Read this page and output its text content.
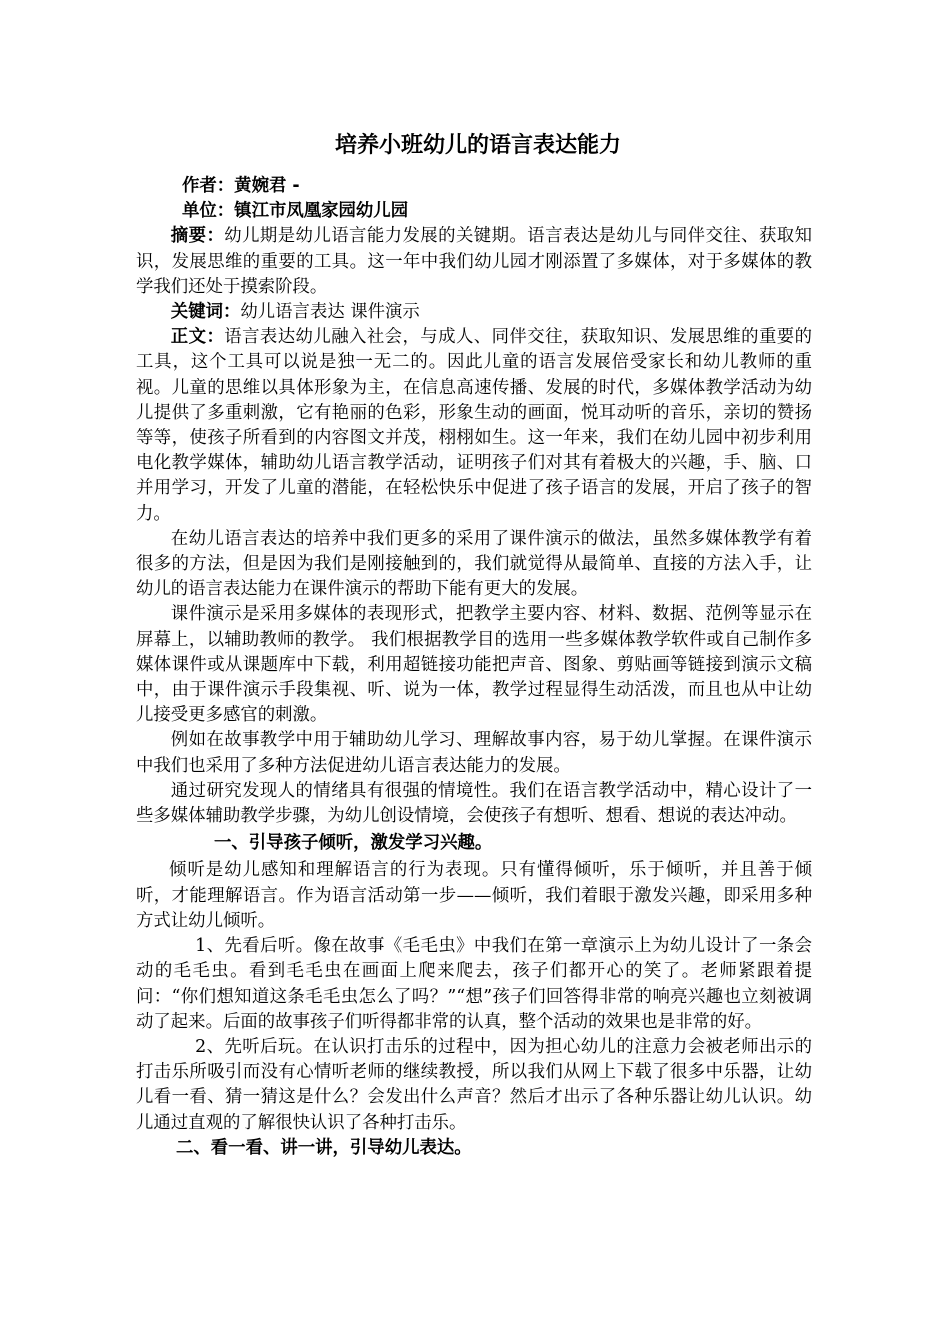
培养小班幼儿的语言表达能力
作者：黄婉君 -
单位：镇江市凤凰家园幼儿园

摘要：幼儿期是幼儿语言能力发展的关键期。语言表达是幼儿与同伴交往、获取知识，发展思维的重要的工具。这一年中我们幼儿园才刚添置了多媒体，对于多媒体的教学我们还处于摸索阶段。

关键词：幼儿语言表达 课件演示

正文：语言表达幼儿融入社会，与成人、同伴交往，获取知识、发展思维的重要的工具，这个工具可以说是独一无二的。因此儿童的语言发展倍受家长和幼儿教师的重视。儿童的思维以具体形象为主，在信息高速传播、发展的时代，多媒体教学活动为幼儿提供了多重刺激，它有艳丽的色彩，形象生动的画面，悦耳动听的音乐，亲切的赞扬等等，使孩子所看到的内容图文并茂，栩栩如生。这一年来，我们在幼儿园中初步利用电化教学媒体，辅助幼儿语言教学活动，证明孩子们对其有着极大的兴趣，手、脑、口并用学习，开发了儿童的潜能，在轻松快乐中促进了孩子语言的发展，开启了孩子的智力。

在幼儿语言表达的培养中我们更多的采用了课件演示的做法，虽然多媒体教学有着很多的方法，但是因为我们是刚接触到的，我们就觉得从最简单、直接的方法入手，让幼儿的语言表达能力在课件演示的帮助下能有更大的发展。

课件演示是采用多媒体的表现形式，把教学主要内容、材料、数据、范例等显示在屏幕上，以辅助教师的教学。 我们根据教学目的选用一些多媒体教学软件或自己制作多媒体课件或从课题库中下载，利用超链接功能把声音、图象、剪贴画等链接到演示文稿中，由于课件演示手段集视、听、说为一体，教学过程显得生动活泼，而且也从中让幼儿接受更多感官的刺激。

例如在故事教学中用于辅助幼儿学习、理解故事内容，易于幼儿掌握。在课件演示中我们也采用了多种方法促进幼儿语言表达能力的发展。

通过研究发现人的情绪具有很强的情境性。我们在语言教学活动中，精心设计了一些多媒体辅助教学步骤，为幼儿创设情境，会使孩子有想听、想看、想说的表达冲动。

一、引导孩子倾听，激发学习兴趣。

倾听是幼儿感知和理解语言的行为表现。只有懂得倾听，乐于倾听，并且善于倾听，才能理解语言。作为语言活动第一步——倾听，我们着眼于激发兴趣，即采用多种方式让幼儿倾听。

1、先看后听。像在故事《毛毛虫》中我们在第一章演示上为幼儿设计了一条会动的毛毛虫。看到毛毛虫在画面上爬来爬去，孩子们都开心的笑了。老师紧跟着提问：“你们想知道这条毛毛虫怎么了吗？”“想”孩子们回答得非常的响亮兴趣也立刻被调动了起来。后面的故事孩子们听得都非常的认真，整个活动的效果也是非常的好。

2、先听后玩。在认识打击乐的过程中，因为担心幼儿的注意力会被老师出示的打击乐所吸引而没有心情听老师的继续教授，所以我们从网上下载了很多中乐器，让幼儿看一看、猜一猜这是什么？会发出什么声音？然后才出示了各种乐器让幼儿认识。幼儿通过直观的了解很快认识了各种打击乐。

二、看一看、讲一讲，引导幼儿表达。
